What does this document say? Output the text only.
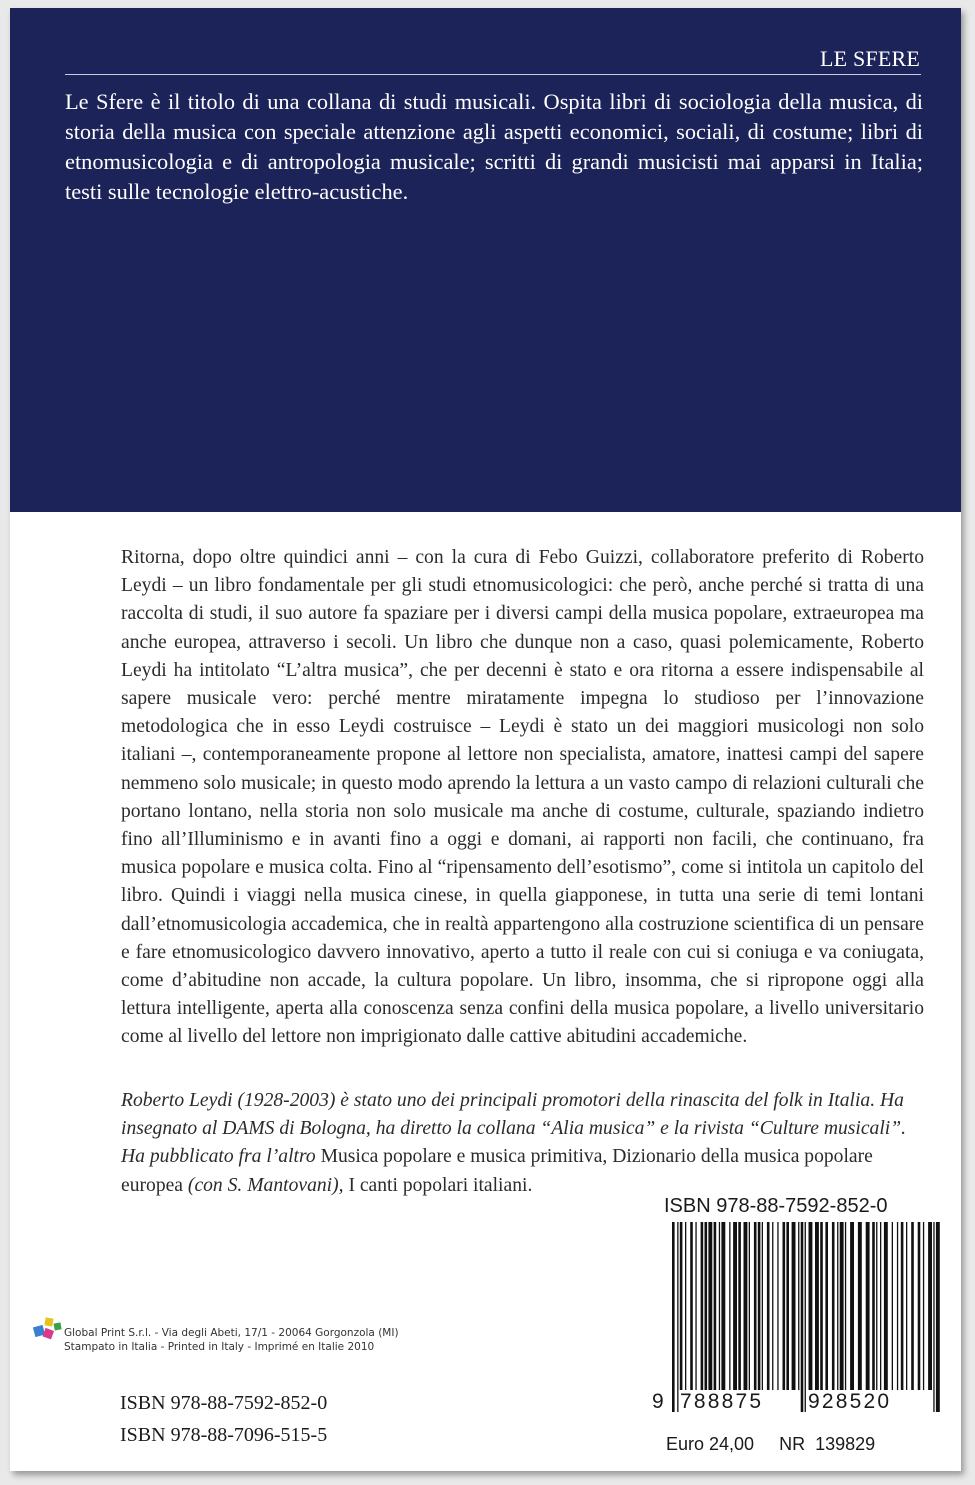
LE SFERE
Le Sfere è il titolo di una collana di studi musicali. Ospita libri di sociologia della musica, di storia della musica con speciale attenzione agli aspetti economici, sociali, di costume; libri di etnomusicologia e di antropologia musicale; scritti di grandi musicisti mai apparsi in Italia; testi sulle tecnologie elettro-acustiche.
Ritorna, dopo oltre quindici anni – con la cura di Febo Guizzi, collaboratore preferito di Roberto Leydi – un libro fondamentale per gli studi etnomusicologici: che però, anche perché si tratta di una raccolta di studi, il suo autore fa spaziare per i diversi campi della musica popolare, extraeuropea ma anche europea, attraverso i secoli. Un libro che dunque non a caso, quasi polemicamente, Roberto Leydi ha intitolato “L’altra musica”, che per decenni è stato e ora ritorna a essere indispensabile al sapere musicale vero: perché mentre miratamente impegna lo studioso per l’innovazione metodologica che in esso Leydi costruisce – Leydi è stato un dei maggiori musicologi non solo italiani –, contemporaneamente propone al lettore non specialista, amatore, inattesi campi del sapere nemmeno solo musicale; in questo modo aprendo la lettura a un vasto campo di relazioni culturali che portano lontano, nella storia non solo musicale ma anche di costume, culturale, spaziando indietro fino all’Illuminismo e in avanti fino a oggi e domani, ai rapporti non facili, che continuano, fra musica popolare e musica colta. Fino al “ripensamento dell’esotismo”, come si intitola un capitolo del libro. Quindi i viaggi nella musica cinese, in quella giapponese, in tutta una serie di temi lontani dall’etnomusicologia accademica, che in realtà appartengono alla costruzione scientifica di un pensare e fare etnomusicologico davvero innovativo, aperto a tutto il reale con cui si coniuga e va coniugata, come d’abitudine non accade, la cultura popolare. Un libro, insomma, che si ripropone oggi alla lettura intelligente, aperta alla conoscenza senza confini della musica popolare, a livello universitario come al livello del lettore non imprigionato dalle cattive abitudini accademiche.
Roberto Leydi (1928-2003) è stato uno dei principali promotori della rinascita del folk in Italia. Ha insegnato al DAMS di Bologna, ha diretto la collana “Alia musica” e la rivista “Culture musicali”. Ha pubblicato fra l’altro Musica popolare e musica primitiva, Dizionario della musica popolare europea (con S. Mantovani), I canti popolari italiani.
ISBN 978-88-7592-852-0
9 788875 928520
Euro 24,00 NR  139829
Global Print S.r.l. - Via degli Abeti, 17/1 - 20064 Gorgonzola (MI)
Stampato in Italia - Printed in Italy - Imprimé en Italie 2010
ISBN 978-88-7592-852-0
ISBN 978-88-7096-515-5
